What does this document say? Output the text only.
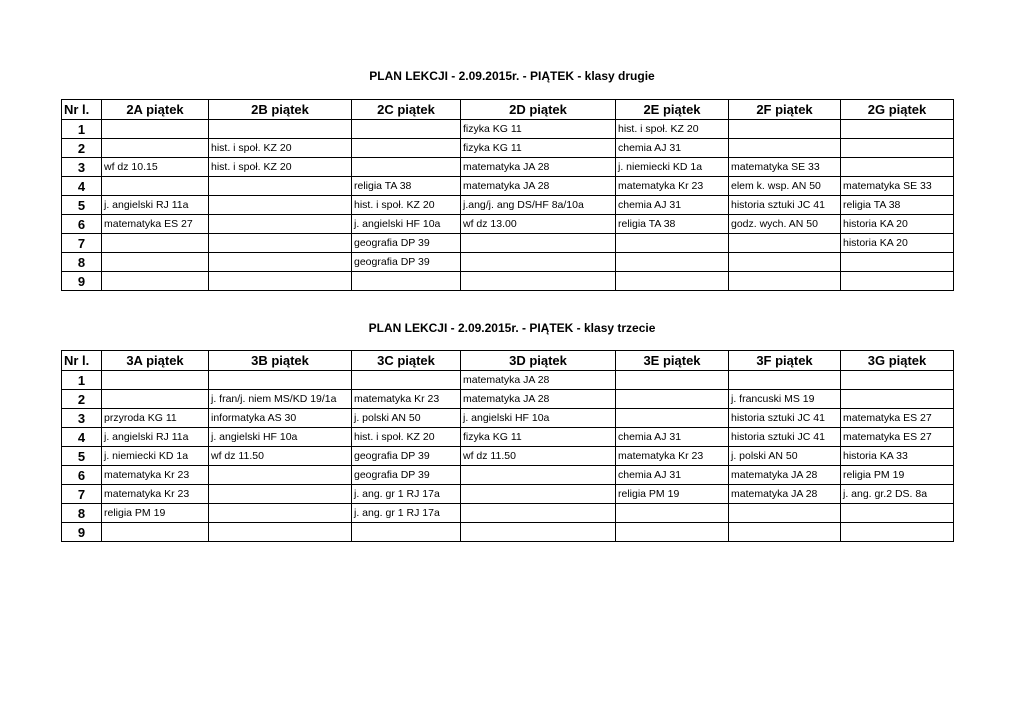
PLAN LEKCJI - 2.09.2015r. - PIĄTEK - klasy drugie
Nr l.	2A piątek	2B piątek	2C piątek	2D piątek	2E piątek	2F piątek	2G piątek
1				fizyka KG 11	hist. i społ. KZ 20		
2		hist. i społ. KZ 20		fizyka KG 11	chemia AJ 31		
3	wf dz 10.15	hist. i społ. KZ 20		matematyka JA 28	j. niemiecki KD 1a	matematyka SE 33	
4			religia TA 38	matematyka JA 28	matematyka Kr 23	elem k. wsp. AN 50	matematyka SE 33
5	j. angielski RJ 11a		hist. i społ. KZ 20	j.ang/j. ang DS/HF 8a/10a	chemia AJ 31	historia sztuki JC 41	religia TA 38
6	matematyka ES 27		j. angielski HF 10a	wf dz 13.00	religia TA 38	godz. wych. AN 50	historia KA 20
7			geografia DP 39				historia KA 20
8			geografia DP 39				
9							
PLAN LEKCJI - 2.09.2015r. - PIĄTEK - klasy trzecie
Nr l.	3A piątek	3B piątek	3C piątek	3D piątek	3E piątek	3F piątek	3G piątek
1				matematyka JA 28			
2		j. fran/j. niem MS/KD 19/1a	matematyka Kr 23	matematyka JA 28		j. francuski MS 19	
3	przyroda KG 11	informatyka AS 30	j. polski AN 50	j. angielski HF 10a		historia sztuki JC 41	matematyka ES 27
4	j. angielski RJ 11a	j. angielski HF 10a	hist. i społ. KZ 20	fizyka KG 11	chemia AJ 31	historia sztuki JC 41	matematyka ES 27
5	j. niemiecki KD 1a	wf dz 11.50	geografia DP 39	wf dz 11.50	matematyka Kr 23	j. polski AN 50	historia KA 33
6	matematyka Kr 23		geografia DP 39		chemia AJ 31	matematyka JA 28	religia PM 19
7	matematyka Kr 23		j. ang. gr 1 RJ 17a		religia PM 19	matematyka JA 28	j. ang. gr.2 DS. 8a
8	religia PM 19		j. ang. gr 1 RJ 17a				
9							
